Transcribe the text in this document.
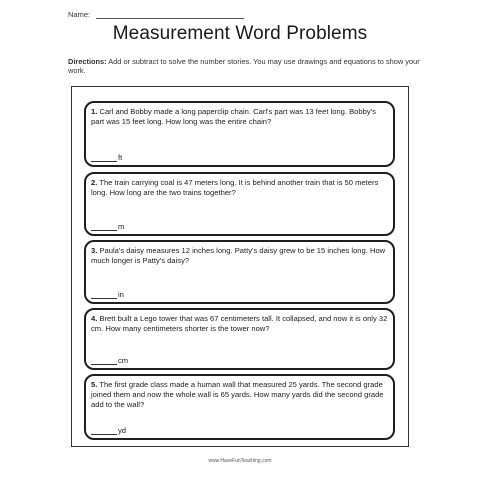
Name:
Measurement Word Problems
Directions: Add or subtract to solve the number stories. You may use drawings and equations to show your work.
1. Carl and Bobby made a long paperclip chain. Carl's part was 13 feet long. Bobby's part was 15 feet long. How long was the entire chain?
ft
2. The train carrying coal is 47 meters long. It is behind another train that is 50 meters long. How long are the two trains together?
m
3. Paula's daisy measures 12 inches long. Patty's daisy grew to be 15 inches long. How much longer is Patty's daisy?
in
4. Brett built a Lego tower that was 67 centimeters tall. It collapsed, and now it is only 32 cm. How many centimeters shorter is the tower now?
cm
5. The first grade class made a human wall that measured 25 yards. The second grade joined them and now the whole wall is 65 yards. How many yards did the second grade add to the wall?
yd
www.HaveFunTeaching.com
